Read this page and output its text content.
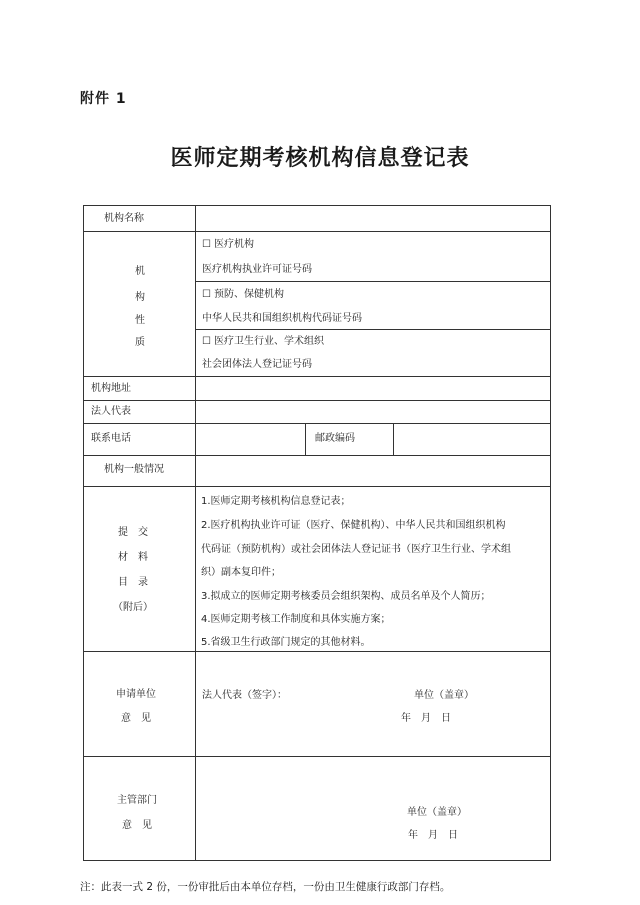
附件 1
医师定期考核机构信息登记表
机构名称
机
构
性
质
☐ 医疗机构
医疗机构执业许可证号码
☐ 预防、保健机构
中华人民共和国组织机构代码证号码
☐ 医疗卫生行业、学术组织
社会团体法人登记证号码
机构地址
法人代表
联系电话	邮政编码
机构一般情况
提　交
材　料
目　录
（附后）
1.医师定期考核机构信息登记表；
2.医疗机构执业许可证（医疗、保健机构）、中华人民共和国组织机构
代码证（预防机构）或社会团体法人登记证书（医疗卫生行业、学术组
织）副本复印件；
3.拟成立的医师定期考核委员会组织架构、成员名单及个人简历；
4.医师定期考核工作制度和具体实施方案；
5.省级卫生行政部门规定的其他材料。
申请单位
意　见
法人代表（签字）：	单位（盖章）
年　月　日
主管部门
意　见
单位（盖章）
年　月　日
注：此表一式 2 份，一份审批后由本单位存档，一份由卫生健康行政部门存档。
